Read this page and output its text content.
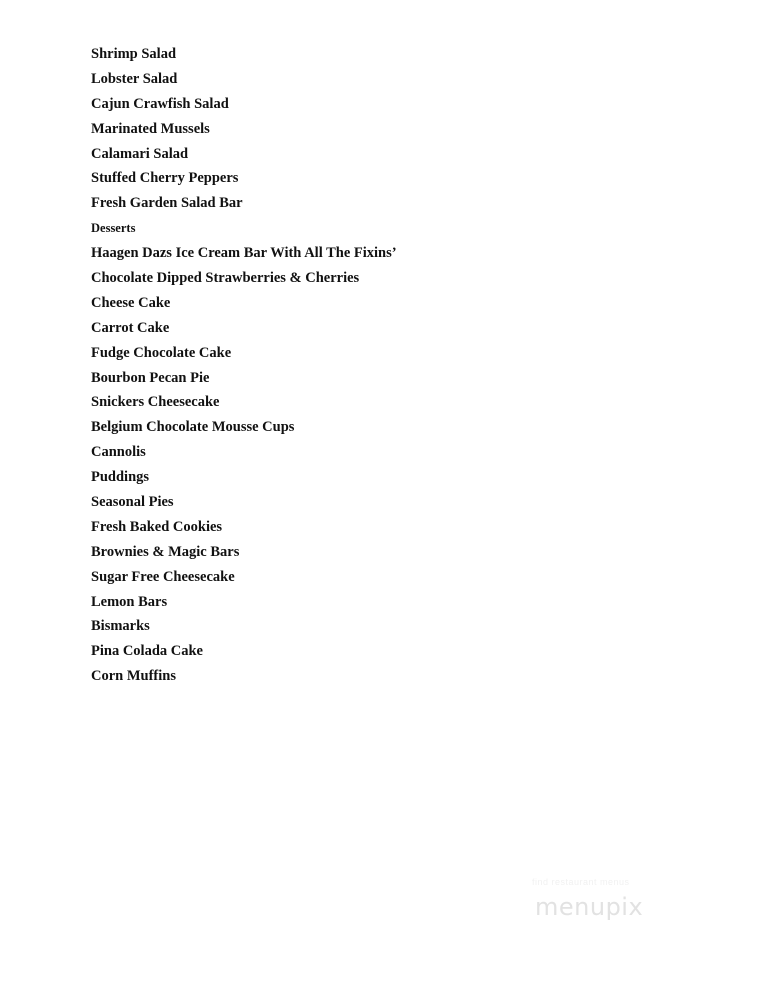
Shrimp Salad
Lobster Salad
Cajun Crawfish Salad
Marinated Mussels
Calamari Salad
Stuffed Cherry Peppers
Fresh Garden Salad Bar
Desserts
Haagen Dazs Ice Cream Bar With All The Fixins’
Chocolate Dipped Strawberries & Cherries
Cheese Cake
Carrot Cake
Fudge Chocolate Cake
Bourbon Pecan Pie
Snickers Cheesecake
Belgium Chocolate Mousse Cups
Cannolis
Puddings
Seasonal Pies
Fresh Baked Cookies
Brownies & Magic Bars
Sugar Free Cheesecake
Lemon Bars
Bismarks
Pina Colada Cake
Corn Muffins
find restaurant menus
menupix
